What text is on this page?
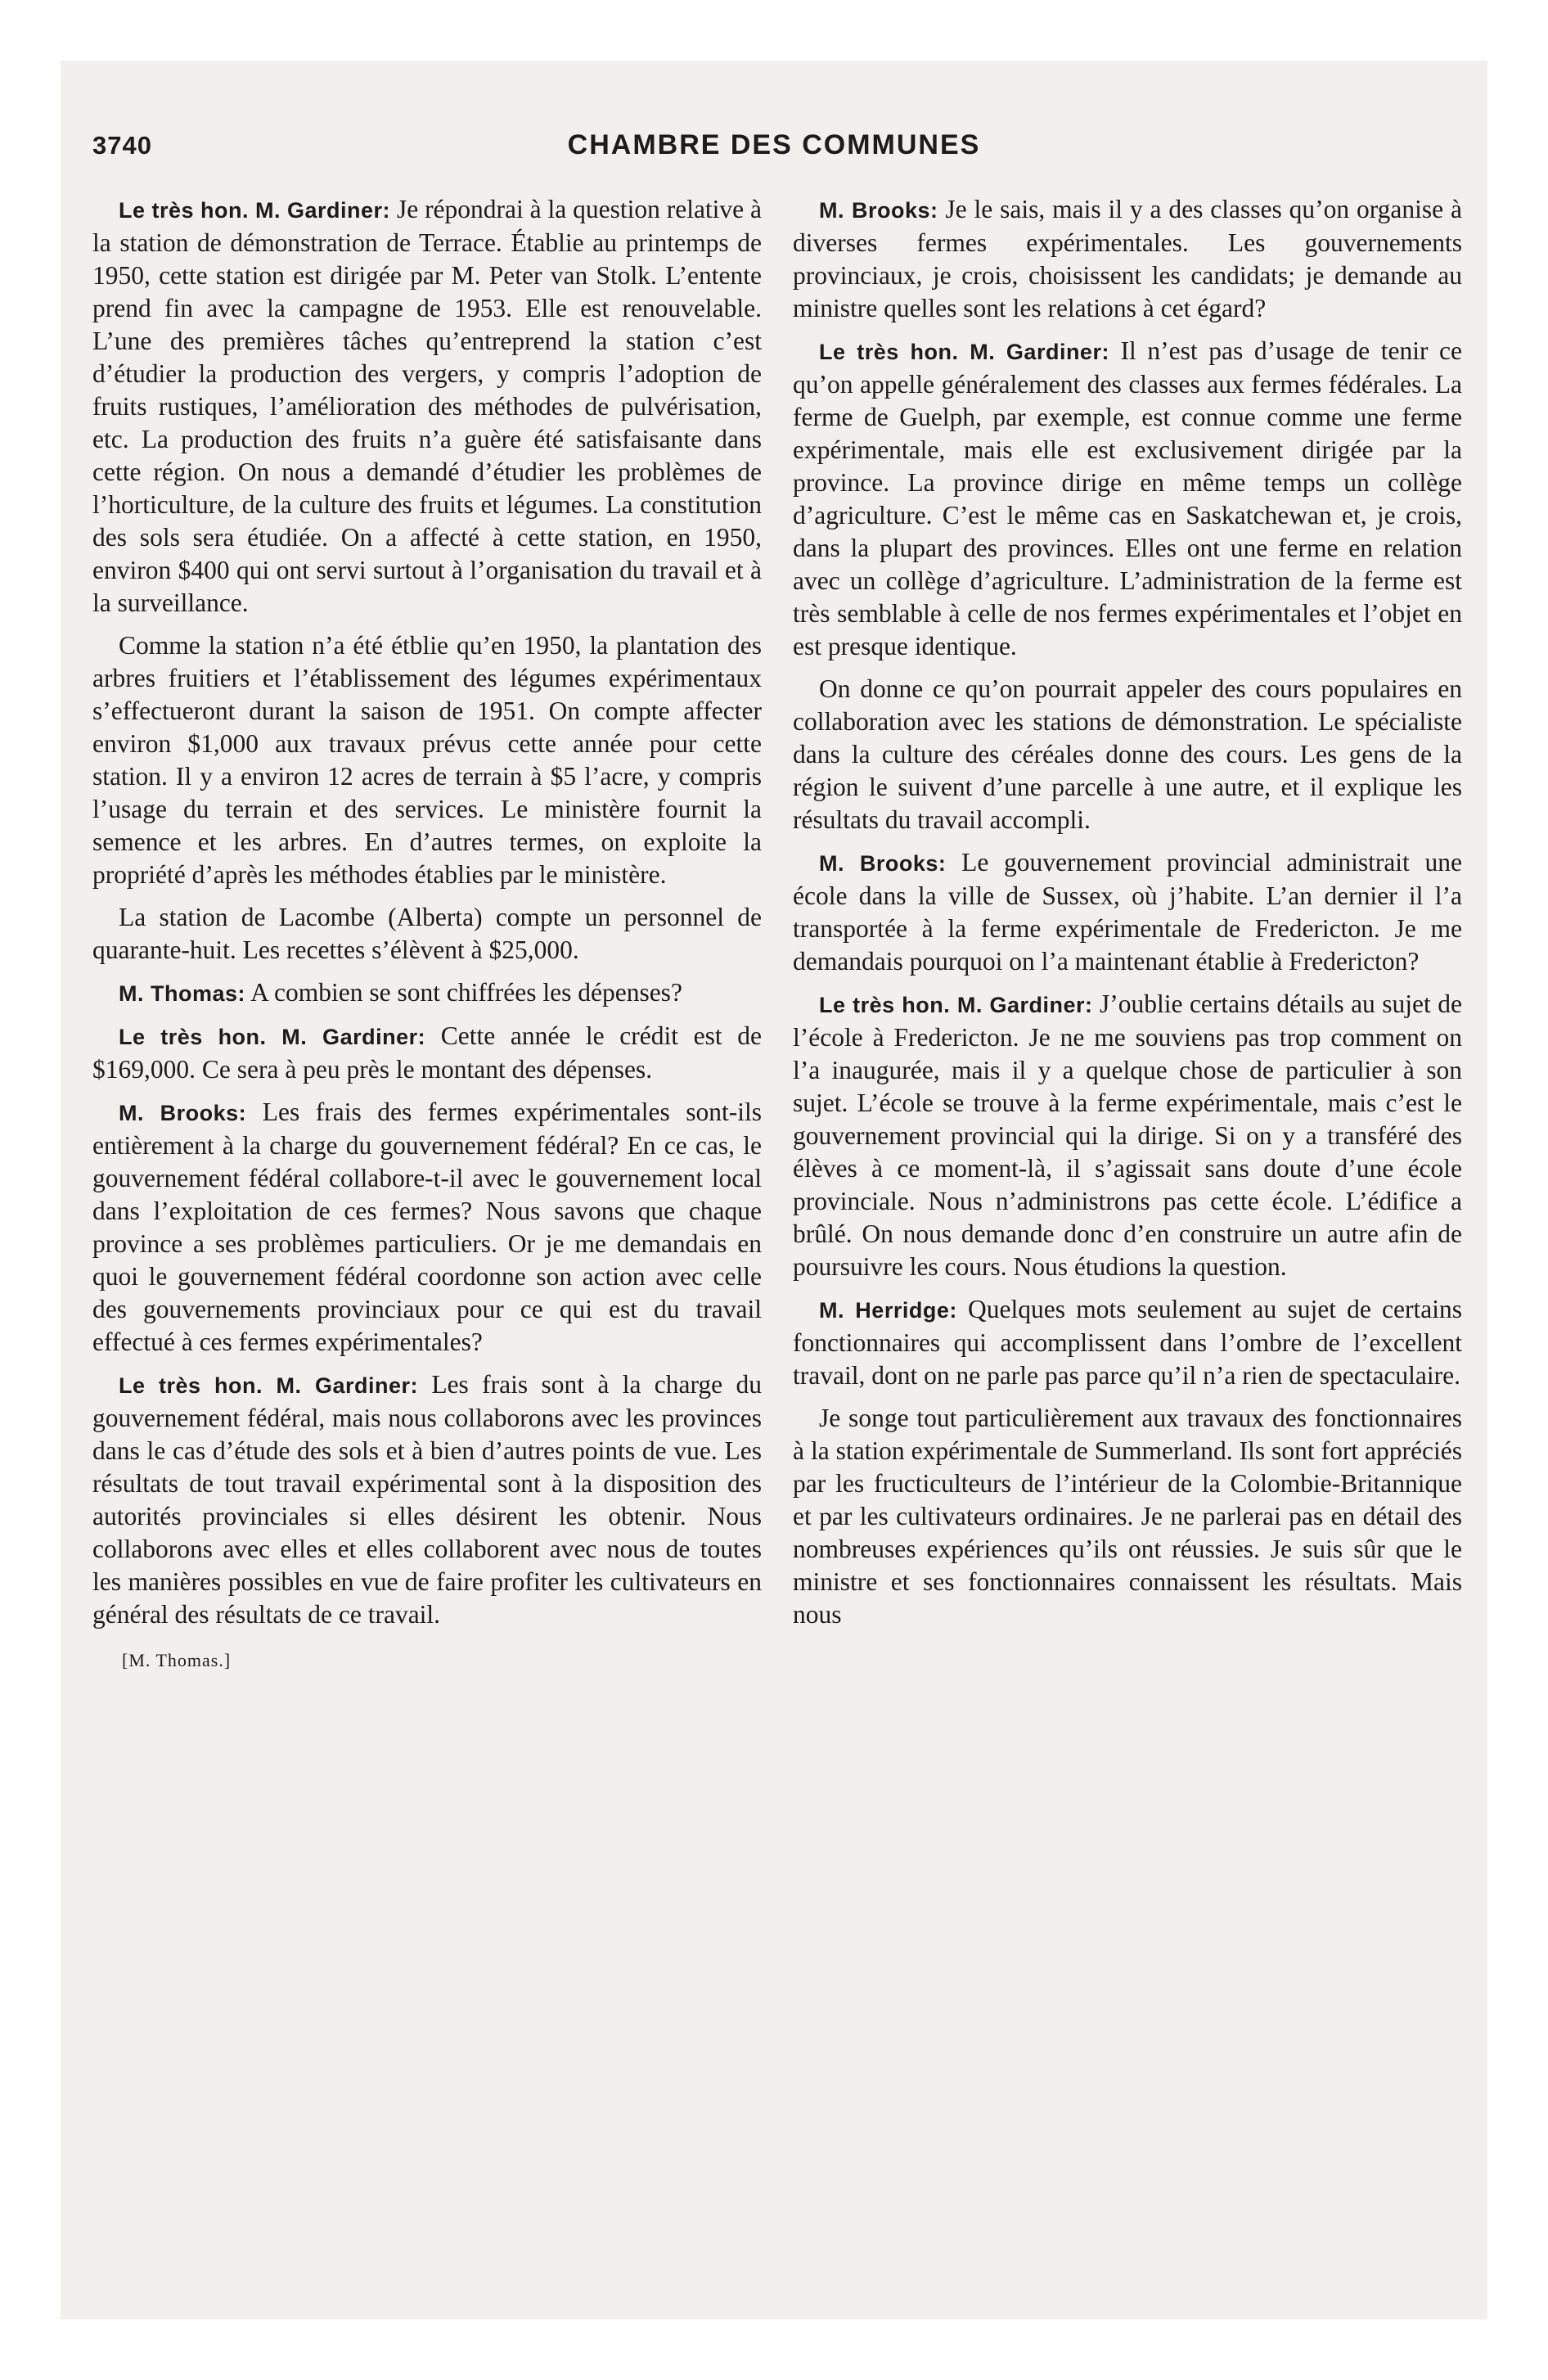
3740	CHAMBRE DES COMMUNES

Le très hon. M. Gardiner: Je répondrai à la question relative à la station de démonstration de Terrace. Établie au printemps de 1950, cette station est dirigée par M. Peter van Stolk. L’entente prend fin avec la campagne de 1953. Elle est renouvelable. L’une des premières tâches qu’entreprend la station c’est d’étudier la production des vergers, y compris l’adoption de fruits rustiques, l’amélioration des méthodes de pulvérisation, etc. La production des fruits n’a guère été satisfaisante dans cette région. On nous a demandé d’étudier les problèmes de l’horticulture, de la culture des fruits et légumes. La constitution des sols sera étudiée. On a affecté à cette station, en 1950, environ $400 qui ont servi surtout à l’organisation du travail et à la surveillance.

Comme la station n’a été étblie qu’en 1950, la plantation des arbres fruitiers et l’établissement des légumes expérimentaux s’effectueront durant la saison de 1951. On compte affecter environ $1,000 aux travaux prévus cette année pour cette station. Il y a environ 12 acres de terrain à $5 l’acre, y compris l’usage du terrain et des services. Le ministère fournit la semence et les arbres. En d’autres termes, on exploite la propriété d’après les méthodes établies par le ministère.

La station de Lacombe (Alberta) compte un personnel de quarante-huit. Les recettes s’élèvent à $25,000.

M. Thomas: A combien se sont chiffrées les dépenses?

Le très hon. M. Gardiner: Cette année le crédit est de $169,000. Ce sera à peu près le montant des dépenses.

M. Brooks: Les frais des fermes expérimentales sont-ils entièrement à la charge du gouvernement fédéral? En ce cas, le gouvernement fédéral collabore-t-il avec le gouvernement local dans l’exploitation de ces fermes? Nous savons que chaque province a ses problèmes particuliers. Or je me demandais en quoi le gouvernement fédéral coordonne son action avec celle des gouvernements provinciaux pour ce qui est du travail effectué à ces fermes expérimentales?

Le très hon. M. Gardiner: Les frais sont à la charge du gouvernement fédéral, mais nous collaborons avec les provinces dans le cas d’étude des sols et à bien d’autres points de vue. Les résultats de tout travail expérimental sont à la disposition des autorités provinciales si elles désirent les obtenir. Nous collaborons avec elles et elles collaborent avec nous de toutes les manières possibles en vue de faire profiter les cultivateurs en général des résultats de ce travail.

[M. Thomas.]

M. Brooks: Je le sais, mais il y a des classes qu’on organise à diverses fermes expérimentales. Les gouvernements provinciaux, je crois, choisissent les candidats; je demande au ministre quelles sont les relations à cet égard?

Le très hon. M. Gardiner: Il n’est pas d’usage de tenir ce qu’on appelle généralement des classes aux fermes fédérales. La ferme de Guelph, par exemple, est connue comme une ferme expérimentale, mais elle est exclusivement dirigée par la province. La province dirige en même temps un collège d’agriculture. C’est le même cas en Saskatchewan et, je crois, dans la plupart des provinces. Elles ont une ferme en relation avec un collège d’agriculture. L’administration de la ferme est très semblable à celle de nos fermes expérimentales et l’objet en est presque identique.

On donne ce qu’on pourrait appeler des cours populaires en collaboration avec les stations de démonstration. Le spécialiste dans la culture des céréales donne des cours. Les gens de la région le suivent d’une parcelle à une autre, et il explique les résultats du travail accompli.

M. Brooks: Le gouvernement provincial administrait une école dans la ville de Sussex, où j’habite. L’an dernier il l’a transportée à la ferme expérimentale de Fredericton. Je me demandais pourquoi on l’a maintenant établie à Fredericton?

Le très hon. M. Gardiner: J’oublie certains détails au sujet de l’école à Fredericton. Je ne me souviens pas trop comment on l’a inaugurée, mais il y a quelque chose de particulier à son sujet. L’école se trouve à la ferme expérimentale, mais c’est le gouvernement provincial qui la dirige. Si on y a transféré des élèves à ce moment-là, il s’agissait sans doute d’une école provinciale. Nous n’administrons pas cette école. L’édifice a brûlé. On nous demande donc d’en construire un autre afin de poursuivre les cours. Nous étudions la question.

M. Herridge: Quelques mots seulement au sujet de certains fonctionnaires qui accomplissent dans l’ombre de l’excellent travail, dont on ne parle pas parce qu’il n’a rien de spectaculaire.

Je songe tout particulièrement aux travaux des fonctionnaires à la station expérimentale de Summerland. Ils sont fort appréciés par les fructiculteurs de l’intérieur de la Colombie-Britannique et par les cultivateurs ordinaires. Je ne parlerai pas en détail des nombreuses expériences qu’ils ont réussies. Je suis sûr que le ministre et ses fonctionnaires connaissent les résultats. Mais nous
